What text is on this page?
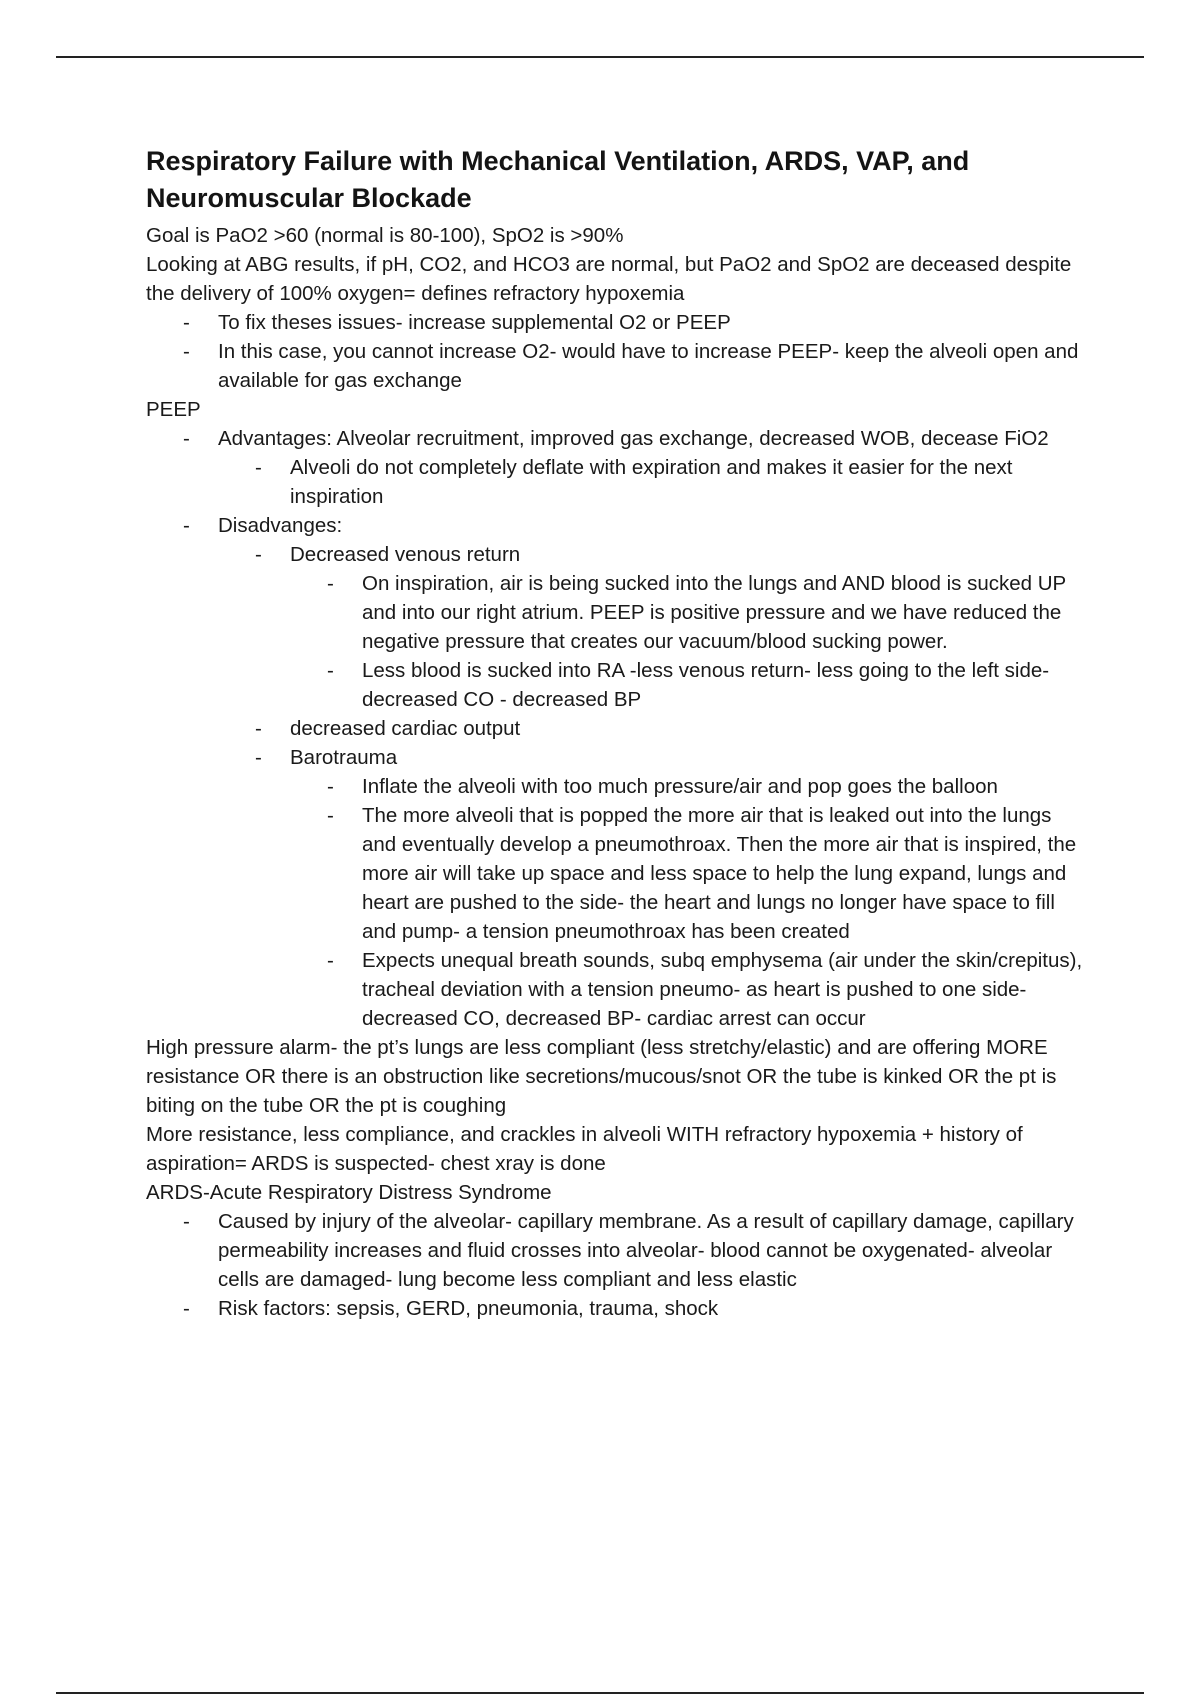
Respiratory Failure with Mechanical Ventilation, ARDS, VAP, and Neuromuscular Blockade

Goal is PaO2 >60 (normal is 80-100), SpO2 is >90%

Looking at ABG results, if pH, CO2, and HCO3 are normal, but PaO2 and SpO2 are deceased despite the delivery of 100% oxygen= defines refractory hypoxemia

- To fix theses issues- increase supplemental O2 or PEEP
- In this case, you cannot increase O2- would have to increase PEEP- keep the alveoli open and available for gas exchange

PEEP

- Advantages: Alveolar recruitment, improved gas exchange, decreased WOB, decease FiO2
- Alveoli do not completely deflate with expiration and makes it easier for the next inspiration
- Disadvanges:
- Decreased venous return
- On inspiration, air is being sucked into the lungs and AND blood is sucked UP and into our right atrium. PEEP is positive pressure and we have reduced the negative pressure that creates our vacuum/blood sucking power.
- Less blood is sucked into RA -less venous return- less going to the left side- decreased CO - decreased BP
- decreased cardiac output
- Barotrauma
- Inflate the alveoli with too much pressure/air and pop goes the balloon
- The more alveoli that is popped the more air that is leaked out into the lungs and eventually develop a pneumothroax. Then the more air that is inspired, the more air will take up space and less space to help the lung expand, lungs and heart are pushed to the side- the heart and lungs no longer have space to fill and pump- a tension pneumothroax has been created
- Expects unequal breath sounds, subq emphysema (air under the skin/crepitus), tracheal deviation with a tension pneumo- as heart is pushed to one side- decreased CO, decreased BP- cardiac arrest can occur

High pressure alarm- the pt’s lungs are less compliant (less stretchy/elastic) and are offering MORE resistance OR there is an obstruction like secretions/mucous/snot OR the tube is kinked OR the pt is biting on the tube OR the pt is coughing

More resistance, less compliance, and crackles in alveoli WITH refractory hypoxemia + history of aspiration= ARDS is suspected- chest xray is done

ARDS-Acute Respiratory Distress Syndrome

- Caused by injury of the alveolar- capillary membrane. As a result of capillary damage, capillary permeability increases and fluid crosses into alveolar- blood cannot be oxygenated- alveolar cells are damaged- lung become less compliant and less elastic
- Risk factors: sepsis, GERD, pneumonia, trauma, shock
